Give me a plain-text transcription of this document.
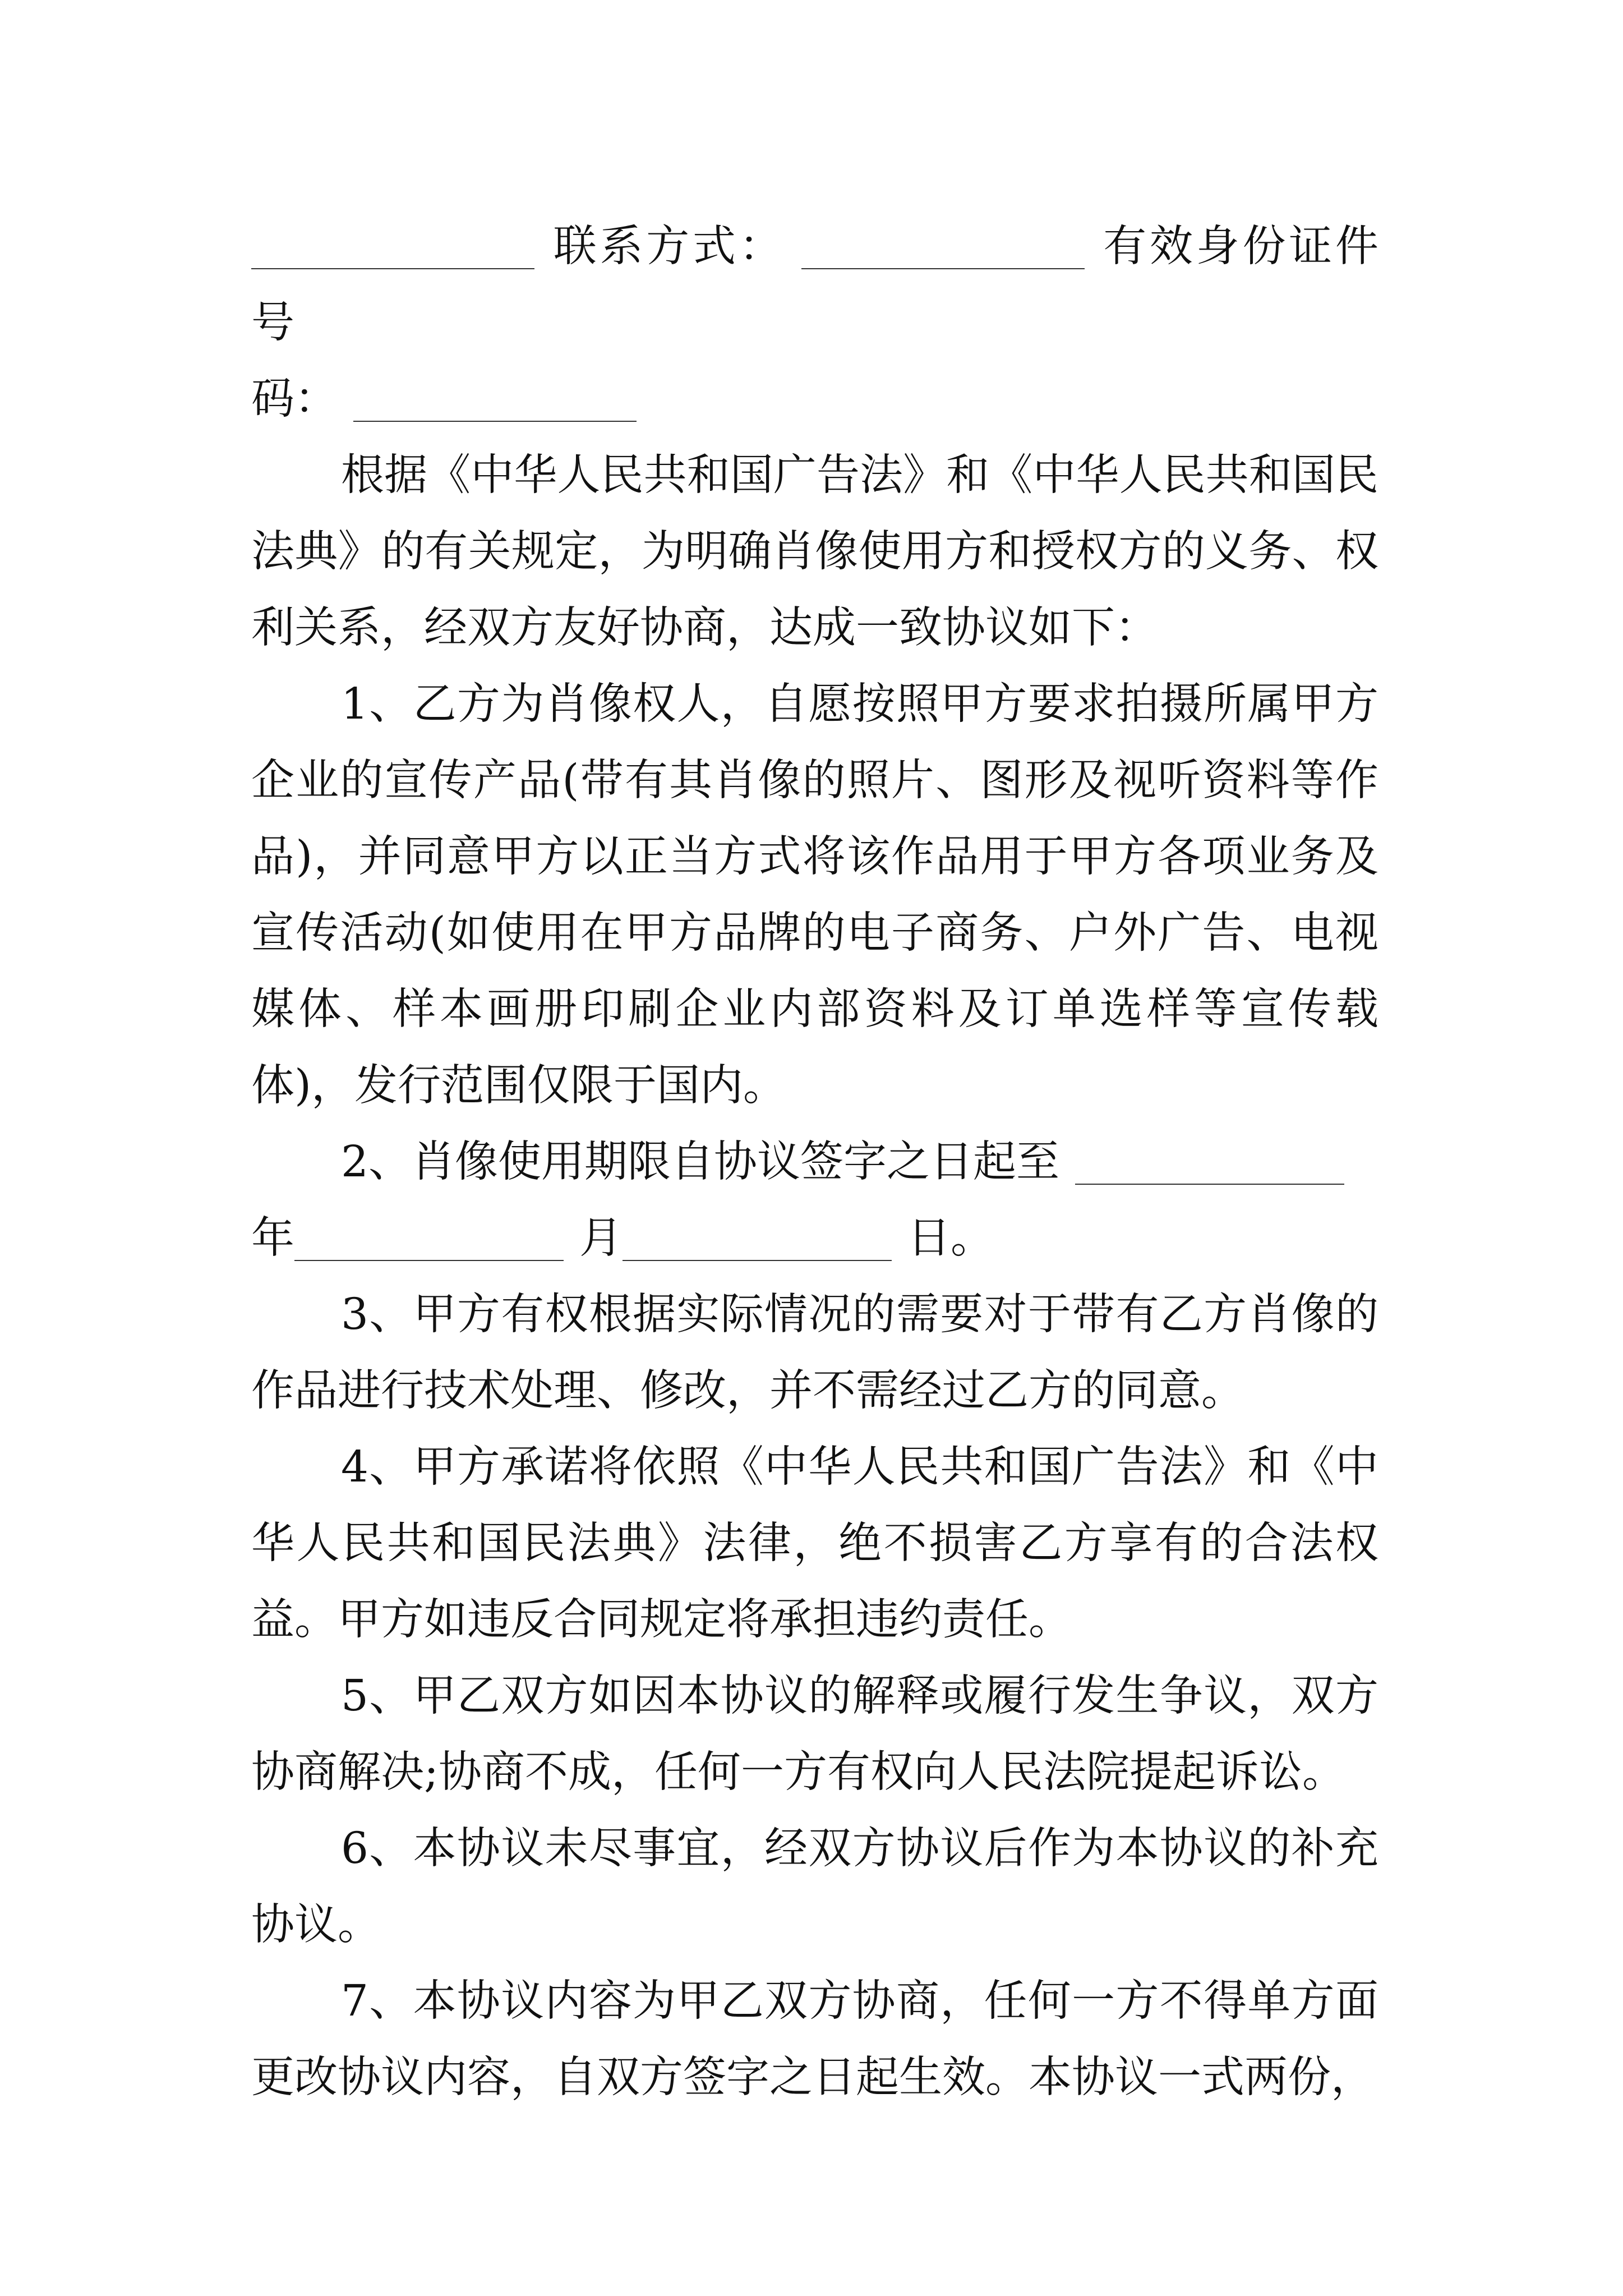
联系方式：	有效身份证件号
码：

根据《中华人民共和国广告法》和《中华人民共和国民法典》的有关规定，为明确肖像使用方和授权方的义务、权利关系，经双方友好协商，达成一致协议如下：

1、乙方为肖像权人，自愿按照甲方要求拍摄所属甲方企业的宣传产品(带有其肖像的照片、图形及视听资料等作品)，并同意甲方以正当方式将该作品用于甲方各项业务及宣传活动(如使用在甲方品牌的电子商务、户外广告、电视媒体、样本画册印刷企业内部资料及订单选样等宣传载体)，发行范围仅限于国内。

2、肖像使用期限自协议签字之日起至
年	月	日。

3、甲方有权根据实际情况的需要对于带有乙方肖像的作品进行技术处理、修改，并不需经过乙方的同意。

4、甲方承诺将依照《中华人民共和国广告法》和《中华人民共和国民法典》法律，绝不损害乙方享有的合法权益。甲方如违反合同规定将承担违约责任。

5、甲乙双方如因本协议的解释或履行发生争议，双方协商解决;协商不成，任何一方有权向人民法院提起诉讼。

6、本协议未尽事宜，经双方协议后作为本协议的补充协议。

7、本协议内容为甲乙双方协商，任何一方不得单方面更改协议内容，自双方签字之日起生效。本协议一式两份，
